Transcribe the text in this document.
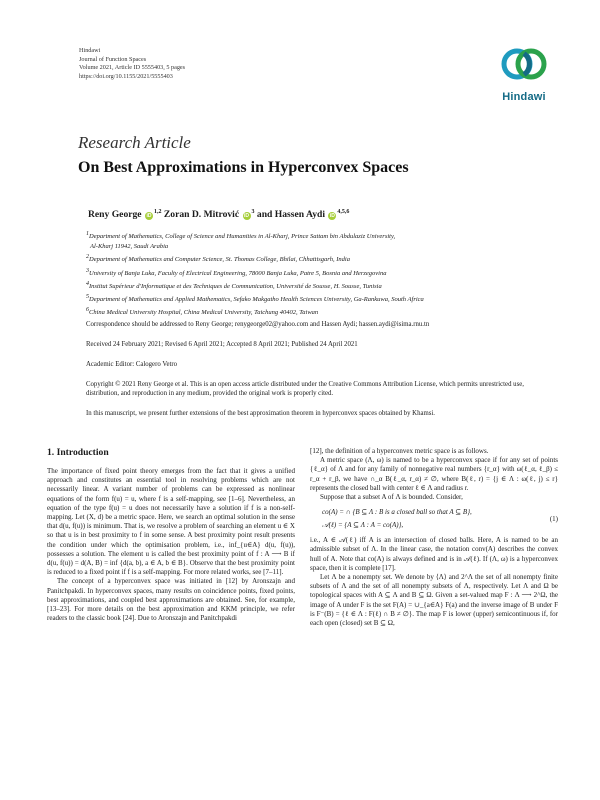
Hindawi
Journal of Function Spaces
Volume 2021, Article ID 5555403, 5 pages
https://doi.org/10.1155/2021/5555403
Hindawi
Research Article
On Best Approximations in Hyperconvex Spaces
Reny George iD$^{1,2}$ Zoran D. Mitrović $iD^3$ and Hassen Aydi iD$^{4,5,6}$
$^1$Department of Mathematics, College of Science and Humanities in Al-Kharj, Prince Sattam bin Abdulaziz University,
Al-Kharj 11942, Saudi Arabia
$^2$Department of Mathematics and Computer Science, St. Thomas College, Bhilai, Chhattisgarh, India
$^3$University of Banja Luka, Faculty of Electrical Engineering, 78000 Banja Luka, Patre 5, Bosnia and Herzegovina
$^4$Institut Supérieur d'Informatique et des Techniques de Communication, Université de Sousse, H. Sousse, Tunisia
$^5$Department of Mathematics and Applied Mathematics, Sefako Makgatho Health Sciences University, Ga-Rankuwa, South Africa
$^6$China Medical University Hospital, China Medical University, Taichung 40402, Taiwan
Correspondence should be addressed to Reny George; renygeorge02@yahoo.com and Hassen Aydi; hassen.aydi@isima.rnu.tn
Received 24 February 2021; Revised 6 April 2021; Accepted 8 April 2021; Published 24 April 2021
Academic Editor: Calogero Vetro
Copyright © 2021 Reny George et al. This is an open access article distributed under the Creative Commons Attribution License, which permits unrestricted use, distribution, and reproduction in any medium, provided the original work is properly cited.
In this manuscript, we present further extensions of the best approximation theorem in hyperconvex spaces obtained by Khamsi.
1. Introduction

The importance of fixed point theory emerges from the fact that it gives a unified approach and constitutes an essential tool in resolving problems which are not necessarily linear. A variant number of problems can be expressed as nonlinear equations of the form f(u) = u, where f is a self-mapping, see [1–6]. Nevertheless, an equation of the type f(u) = u does not necessarily have a solution if f is a non-self-mapping. Let (X, d) be a metric space. Here, we search an optimal solution in the sense that d(u, f(u)) is minimum. That is, we resolve a problem of searching an element u ∈ X so that u is in best proximity to f in some sense. A best proximity point result presents the condition under which the optimisation problem, i.e., inf_{u∈A} d(u, f(u)), possesses a solution. The element u is called the best proximity point of f : A ⟶ B if d(u, f(u)) = d(A, B) = inf {d(a, b), a ∈ A, b ∈ B}. Observe that the best proximity point is reduced to a fixed point if f is a self-mapping. For more related works, see [7–11].

The concept of a hyperconvex space was initiated in [12] by Aronszajn and Panitchpakdi. In hyperconvex spaces, many results on coincidence points, fixed points, best approximations, and coupled best approximations are obtained. See, for example, [13–23]. For more details on the best approximation and KKM principle, we refer readers to the classic book [24]. Due to Aronszajn and Panitchpakdi

[12], the definition of a hyperconvex metric space is as follows.

A metric space (Λ, ω) is named to be a hyperconvex space if for any set of points {ℓ_α} of Λ and for any family of nonnegative real numbers {r_α} with ω(ℓ_α, ℓ_β) ≤ r_α + r_β, we have ∩_α B(ℓ_α, r_α) ≠ ∅, where B(ℓ, r) = {j ∈ Λ : ω(ℓ, j) ≤ r} represents the closed ball with center ℓ ∈ Λ and radius r.

Suppose that a subset A of Λ is bounded. Consider,

co(A) = ∩ {B ⊆ Λ : B is a closed ball so that A ⊆ B},
𝒜(ℓ) = {A ⊆ Λ : A = co(A)},
(1)

i.e., A ∈ 𝒜(ℓ) iff A is an intersection of closed balls. Here, A is named to be an admissible subset of Λ. In the linear case, the notation conv(A) describes the convex hull of A. Note that co(A) is always defined and is in 𝒜(ℓ). If (Λ, ω) is a hyperconvex space, then it is complete [17].

Let Λ be a nonempty set. We denote by ⟨Λ⟩ and 2^Λ the set of all nonempty finite subsets of Λ and the set of all nonempty subsets of Λ, respectively. Let Λ and Ω be topological spaces with A ⊆ Λ and B ⊆ Ω. Given a set-valued map F : Λ ⟶ 2^Ω, the image of A under F is the set F(A) = ∪_{a∈A} F(a) and the inverse image of B under F is F⁻(B) = {ℓ ∈ Λ : F(ℓ) ∩ B ≠ ∅}. The map F is lower (upper) semicontinuous if, for each open (closed) set B ⊆ Ω,
